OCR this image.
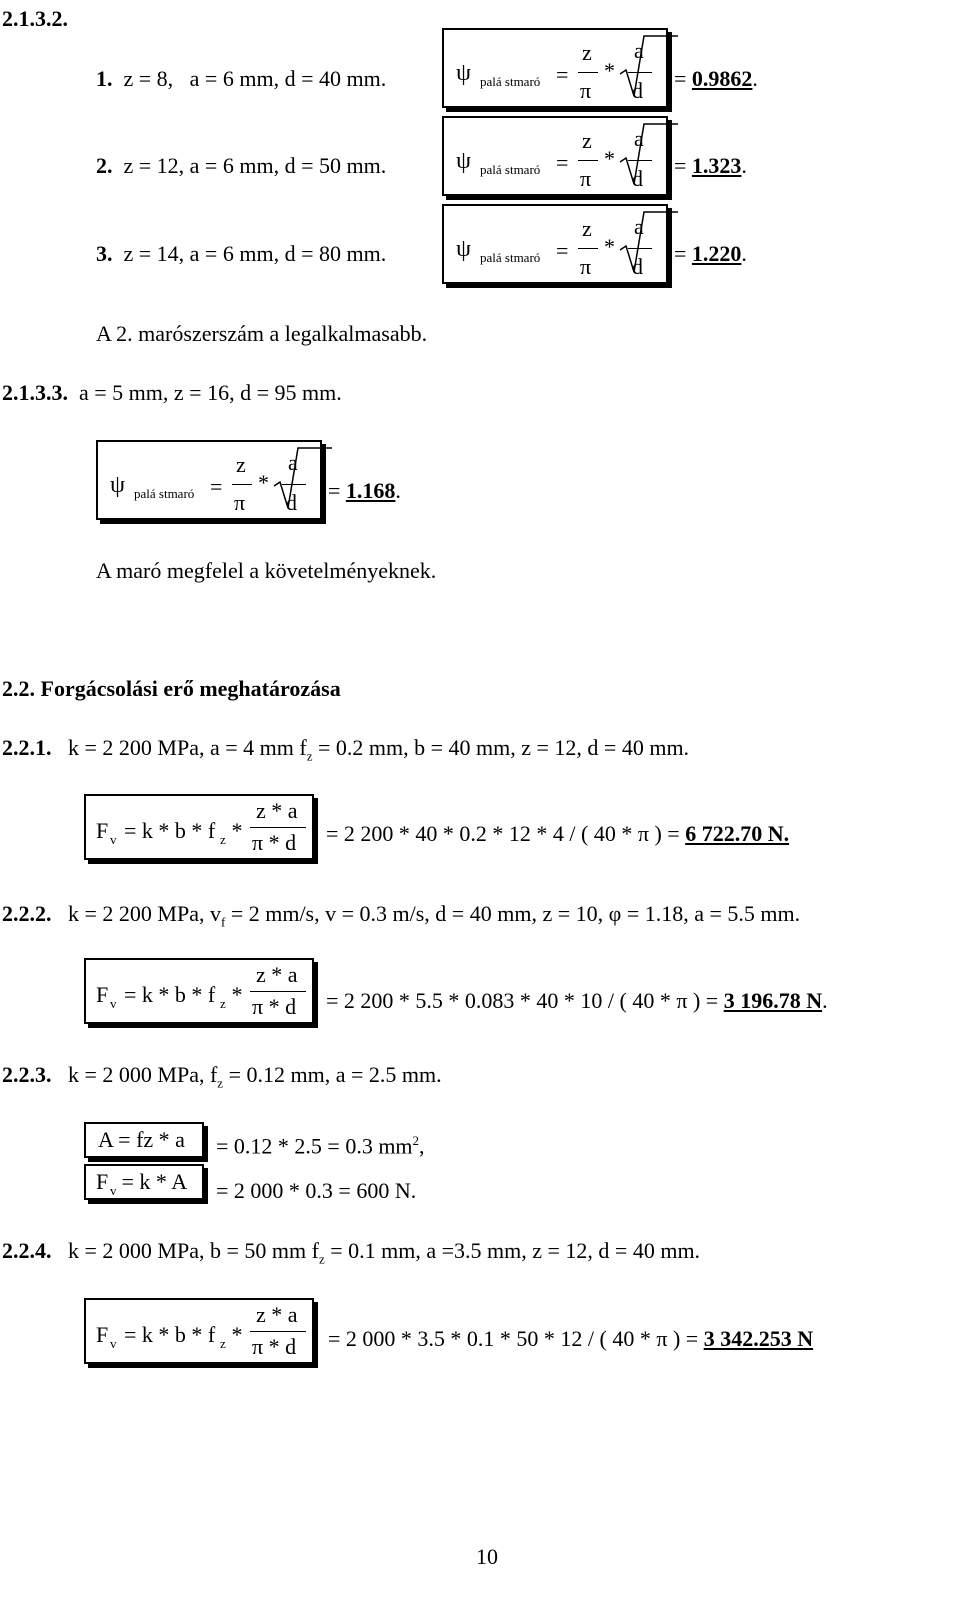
2.1.3.2.
1. z = 8,   a = 6 mm, d = 40 mm.
2. z = 12, a = 6 mm, d = 50 mm.
3. z = 14, a = 6 mm, d = 80 mm.
ψ palá stmaró =
z
π
*
a
d = 0.9862.
ψ palá stmaró =
z
π
*
a
d
= 1.323.
ψ palá stmaró =
z
π
*
a
d
= 1.220.
A 2. marószerszám a legalkalmasabb.
2.1.3.3. a = 5 mm, z = 16, d = 95 mm.
ψ palá stmaró =
z
π
*
a
d = 1.168.
A maró megfelel a követelményeknek.
2.2. Forgácsolási erő meghatározása
2.2.1. k = 2 200 MPa, a = 4 mm $f_z = 0.2$ mm, b = 40 mm, z = 12, d = 40 mm.
F v = k * b * f z *
z * a
π * d = 2 200 * 40 * 0.2 * 12 * 4 / ( 40 * π ) = 6 722.70 N.
2.2.2. k = 2 200 MPa, $v_f = 2$ mm/s, v = 0.3 m/s, d = 40 mm, z = 10, φ = 1.18, a = 5.5 mm.
F v = k * b * f z *
z * a
π * d = 2 200 * 5.5 * 0.083 * 40 * 10 / ( 40 * π ) = 3 196.78 N.
2.2.3. k = 2 000 MPa, $f_z = 0.12$ mm, a = 2.5 mm.
A = fz * a = 0.12 * 2.5 = 0.3 $mm^2$,
F v = k * A = 2 000 * 0.3 = 600 N.
2.2.4. k = 2 000 MPa, b = 50 mm $f_z = 0.1$ mm, a =3.5 mm, z = 12, d = 40 mm.
F v = k * b * f z *
z * a
π * d = 2 000 * 3.5 * 0.1 * 50 * 12 / ( 40 * π ) = 3 342.253 N
10
